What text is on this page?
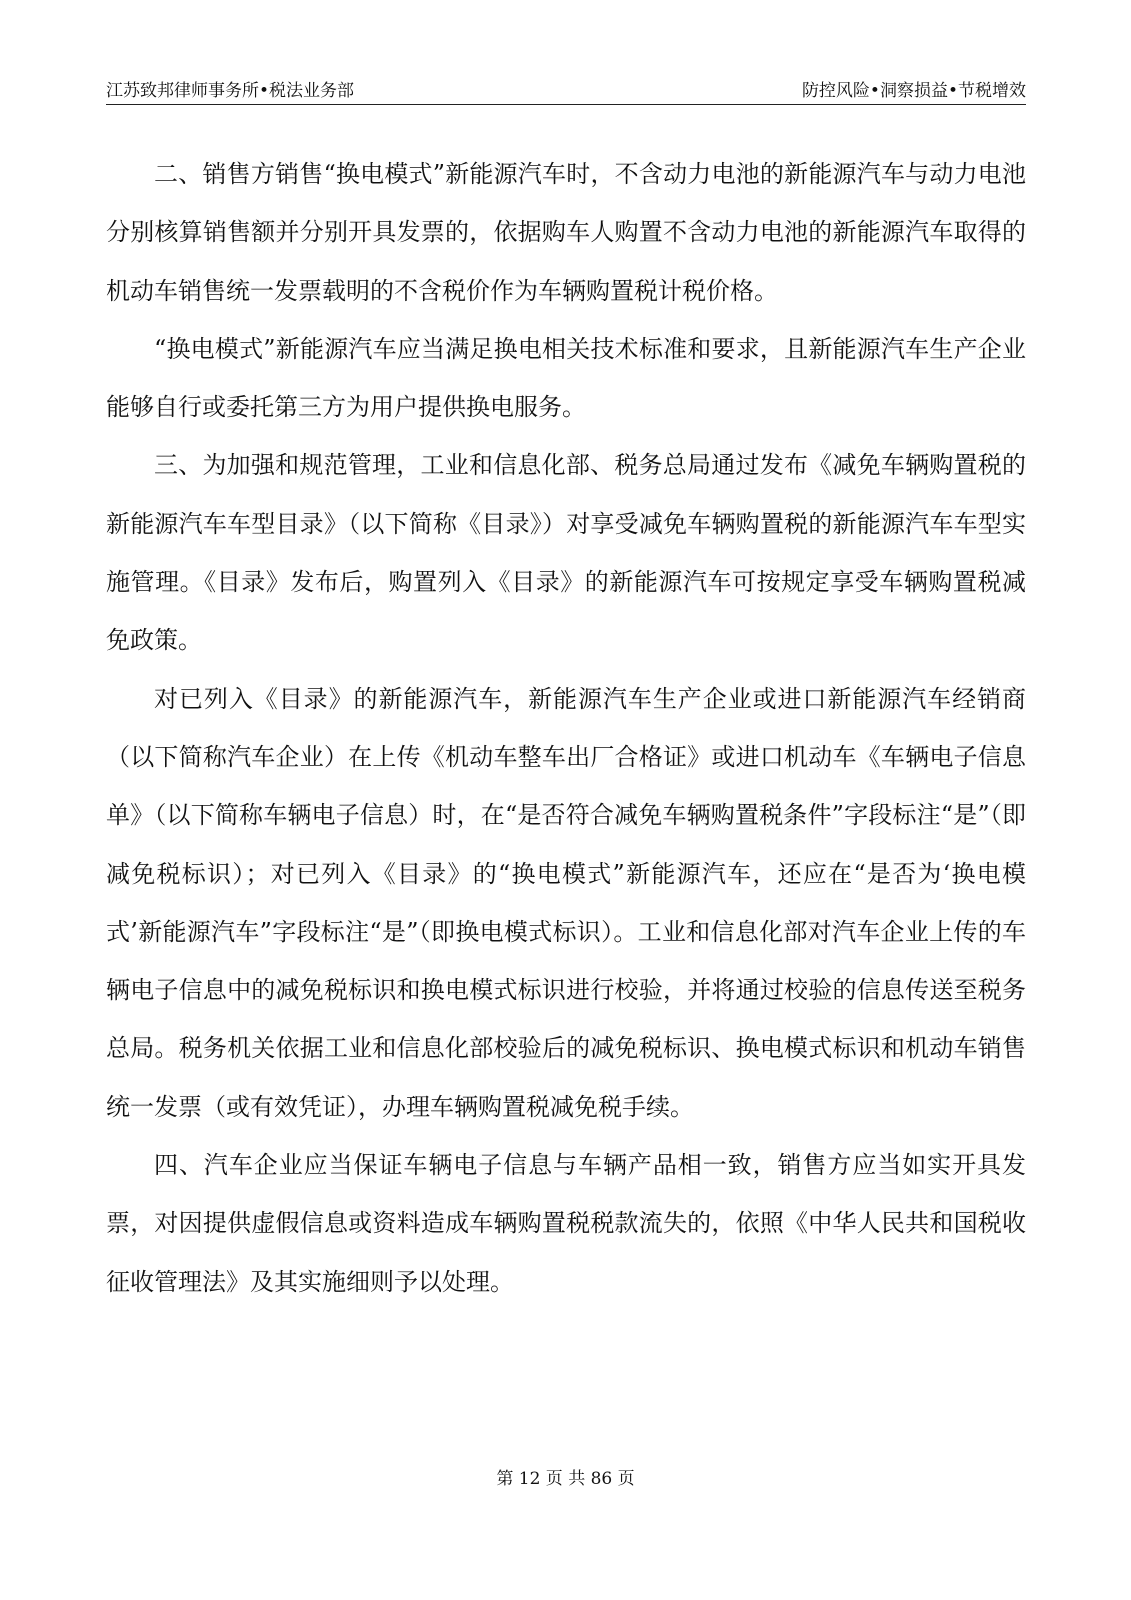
江苏致邦律师事务所•税法业务部	防控风险•洞察损益•节税增效

二、销售方销售“换电模式”新能源汽车时，不含动力电池的新能源汽车与动力电池分别核算销售额并分别开具发票的，依据购车人购置不含动力电池的新能源汽车取得的机动车销售统一发票载明的不含税价作为车辆购置税计税价格。

“换电模式”新能源汽车应当满足换电相关技术标准和要求，且新能源汽车生产企业能够自行或委托第三方为用户提供换电服务。

三、为加强和规范管理，工业和信息化部、税务总局通过发布《减免车辆购置税的新能源汽车车型目录》（以下简称《目录》）对享受减免车辆购置税的新能源汽车车型实施管理。《目录》发布后，购置列入《目录》的新能源汽车可按规定享受车辆购置税减免政策。

对已列入《目录》的新能源汽车，新能源汽车生产企业或进口新能源汽车经销商（以下简称汽车企业）在上传《机动车整车出厂合格证》或进口机动车《车辆电子信息单》（以下简称车辆电子信息）时，在“是否符合减免车辆购置税条件”字段标注“是”（即减免税标识）；对已列入《目录》的“换电模式”新能源汽车，还应在“是否为‘换电模式’新能源汽车”字段标注“是”（即换电模式标识）。工业和信息化部对汽车企业上传的车辆电子信息中的减免税标识和换电模式标识进行校验，并将通过校验的信息传送至税务总局。税务机关依据工业和信息化部校验后的减免税标识、换电模式标识和机动车销售统一发票（或有效凭证），办理车辆购置税减免税手续。

四、汽车企业应当保证车辆电子信息与车辆产品相一致，销售方应当如实开具发票，对因提供虚假信息或资料造成车辆购置税税款流失的，依照《中华人民共和国税收征收管理法》及其实施细则予以处理。

第 12 页 共 86 页
